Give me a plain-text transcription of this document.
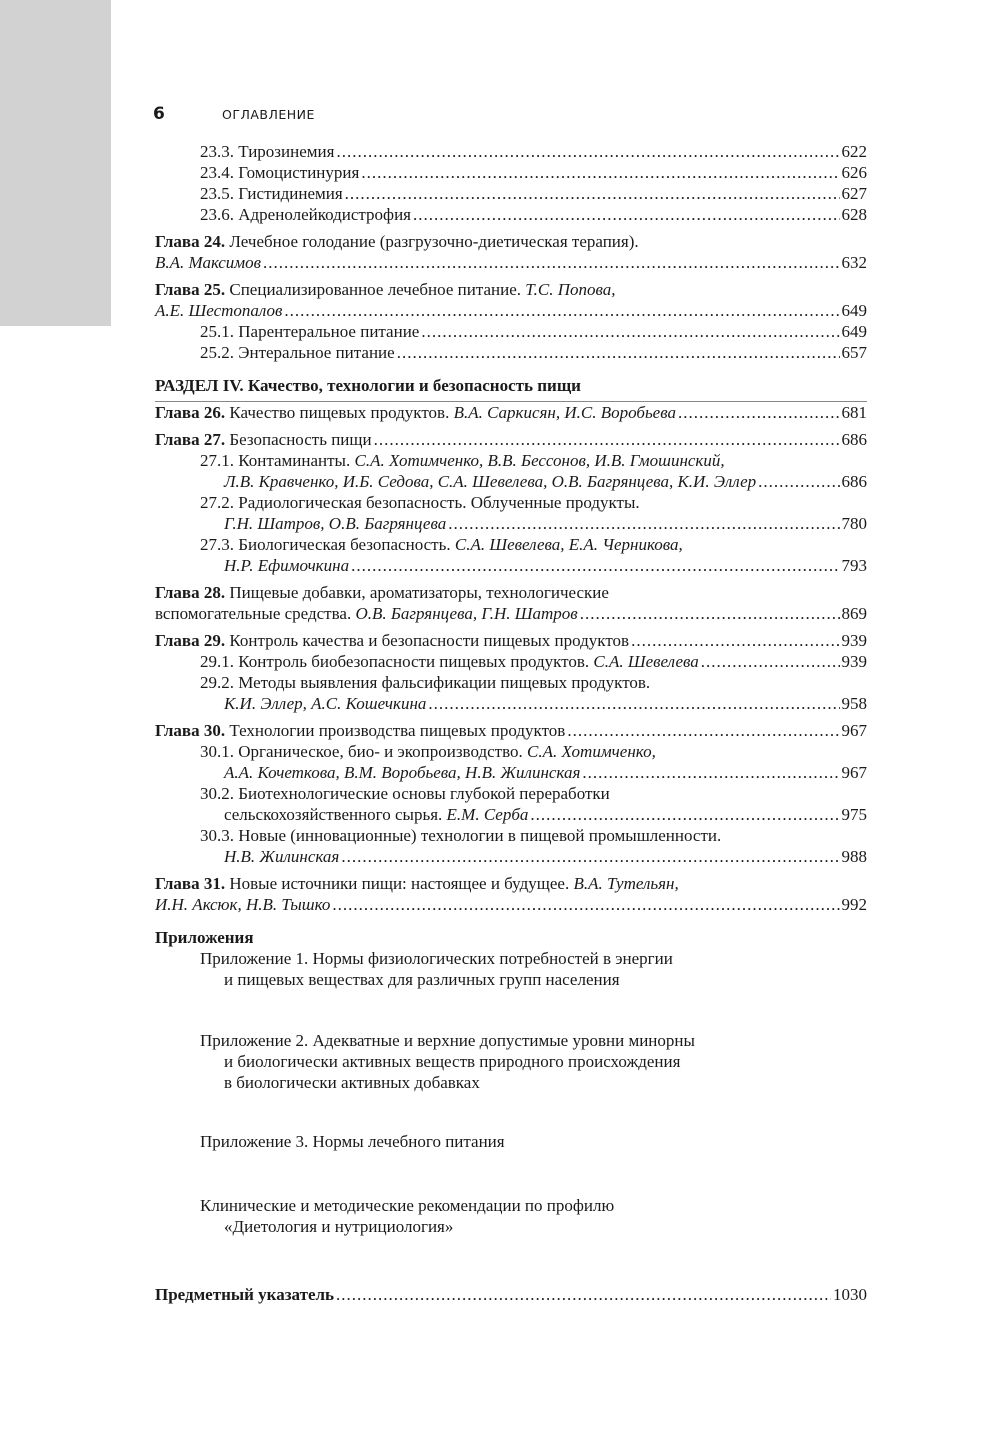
6	ОГЛАВЛЕНИЕ
23.3. Тирозинемия .....	622
23.4. Гомоцистинурия .....	626
23.5. Гистидинемия .....	627
23.6. Адренолейкодистрофия .....	628
Глава 24.
Лечебное голодание (разгрузочно-диетическая терапия).
В.А. Максимов .....	632
Глава 25.
Специализированное лечебное питание.
Т.С. Попова,
А.Е. Шестопалов .....	649
25.1. Парентеральное питание .....	649
25.2. Энтеральное питание .....	657
РАЗДЕЛ IV. Качество, технологии и безопасность пищи
Глава 26.
Качество пищевых продуктов.
В.А. Саркисян, И.С. Воробьева .....	681
Глава 27.
Безопасность пищи .....	686
27.1. Контаминанты.
С.А. Хотимченко, В.В. Бессонов, И.В. Гмошинский,
Л.В. Кравченко, И.Б. Седова, С.А. Шевелева, О.В. Багрянцева, К.И. Эллер .....	686
27.2. Радиологическая безопасность. Облученные продукты.
Г.Н. Шатров, О.В. Багрянцева .....	780
27.3. Биологическая безопасность.
С.А. Шевелева, Е.А. Черникова,
Н.Р. Ефимочкина .....	793
Глава 28.
Пищевые добавки, ароматизаторы, технологические
вспомогательные средства.
О.В. Багрянцева, Г.Н. Шатров .....	869
Глава 29.
Контроль качества и безопасности пищевых продуктов .....	939
29.1. Контроль биобезопасности пищевых продуктов.
С.А. Шевелева .....	939
29.2. Методы выявления фальсификации пищевых продуктов.
К.И. Эллер, А.С. Кошечкина .....	958
Глава 30.
Технологии производства пищевых продуктов .....	967
30.1. Органическое, био- и экопроизводство.
С.А. Хотимченко,
А.А. Кочеткова, В.М. Воробьева, Н.В. Жилинская .....	967
30.2. Биотехнологические основы глубокой переработки
сельскохозяйственного сырья.
Е.М. Серба .....	975
30.3. Новые (инновационные) технологии в пищевой промышленности.
Н.В. Жилинская .....	988
Глава 31.
Новые источники пищи: настоящее и будущее.
В.А. Тутельян,
И.Н. Аксюк, Н.В. Тышко .....	992
Приложения
Приложение 1. Нормы физиологических потребностей в энергии
и пищевых веществах для различных групп населения
Приложение 2. Адекватные и верхние допустимые уровни минорны
и биологически активных веществ природного происхождения
в биологически активных добавках
Приложение 3. Нормы лечебного питания
Клинические и методические рекомендации по профилю
«Диетология и нутрициология»
Предметный указатель .....	1030
